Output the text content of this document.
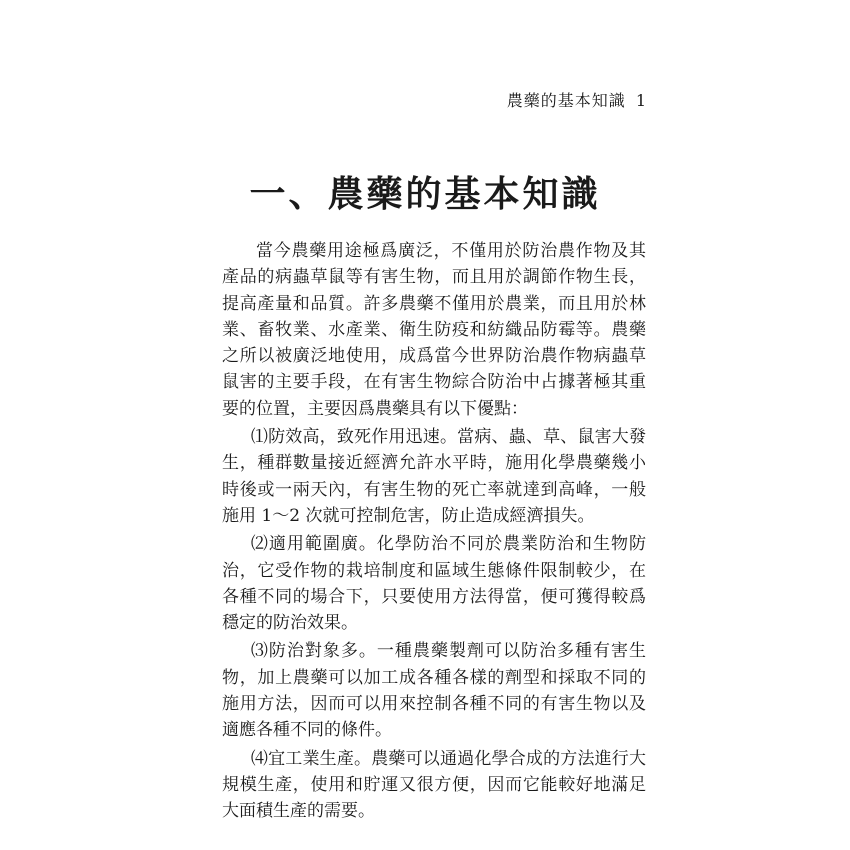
農藥的基本知識 1
一、農藥的基本知識

當今農藥用途極爲廣泛，不僅用於防治農作物及其產品的病蟲草鼠等有害生物，而且用於調節作物生長，提高產量和品質。許多農藥不僅用於農業，而且用於林業、畜牧業、水產業、衛生防疫和紡織品防霉等。農藥之所以被廣泛地使用，成爲當今世界防治農作物病蟲草鼠害的主要手段，在有害生物綜合防治中占據著極其重要的位置，主要因爲農藥具有以下優點：

⑴防效高，致死作用迅速。當病、蟲、草、鼠害大發生，種群數量接近經濟允許水平時，施用化學農藥幾小時後或一兩天內，有害生物的死亡率就達到高峰，一般施用 1～2 次就可控制危害，防止造成經濟損失。

⑵適用範圍廣。化學防治不同於農業防治和生物防治，它受作物的栽培制度和區域生態條件限制較少，在各種不同的場合下，只要使用方法得當，便可獲得較爲穩定的防治效果。

⑶防治對象多。一種農藥製劑可以防治多種有害生物，加上農藥可以加工成各種各樣的劑型和採取不同的施用方法，因而可以用來控制各種不同的有害生物以及適應各種不同的條件。

⑷宜工業生產。農藥可以通過化學合成的方法進行大規模生產，使用和貯運又很方便，因而它能較好地滿足大面積生產的需要。
